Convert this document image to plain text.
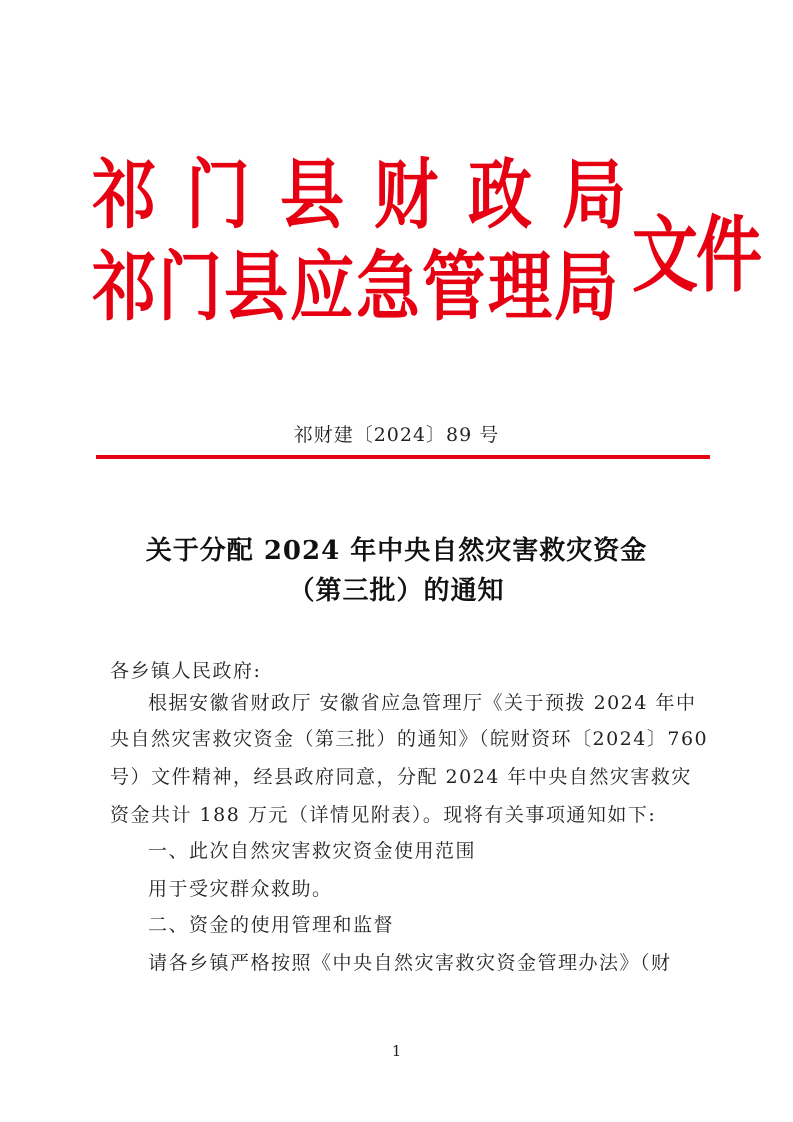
祁门县财政局
祁门县应急管理局 文件
祁财建〔2024〕89 号
关于分配 2024 年中央自然灾害救灾资金
（第三批）的通知
各乡镇人民政府:
根据安徽省财政厅 安徽省应急管理厅《关于预拨 2024 年中
央自然灾害救灾资金（第三批）的通知》（皖财资环〔2024〕760
号）文件精神，经县政府同意，分配 2024 年中央自然灾害救灾
资金共计 188 万元（详情见附表）。现将有关事项通知如下:
一、此次自然灾害救灾资金使用范围
用于受灾群众救助。
二、资金的使用管理和监督
请各乡镇严格按照《中央自然灾害救灾资金管理办法》（财
1
